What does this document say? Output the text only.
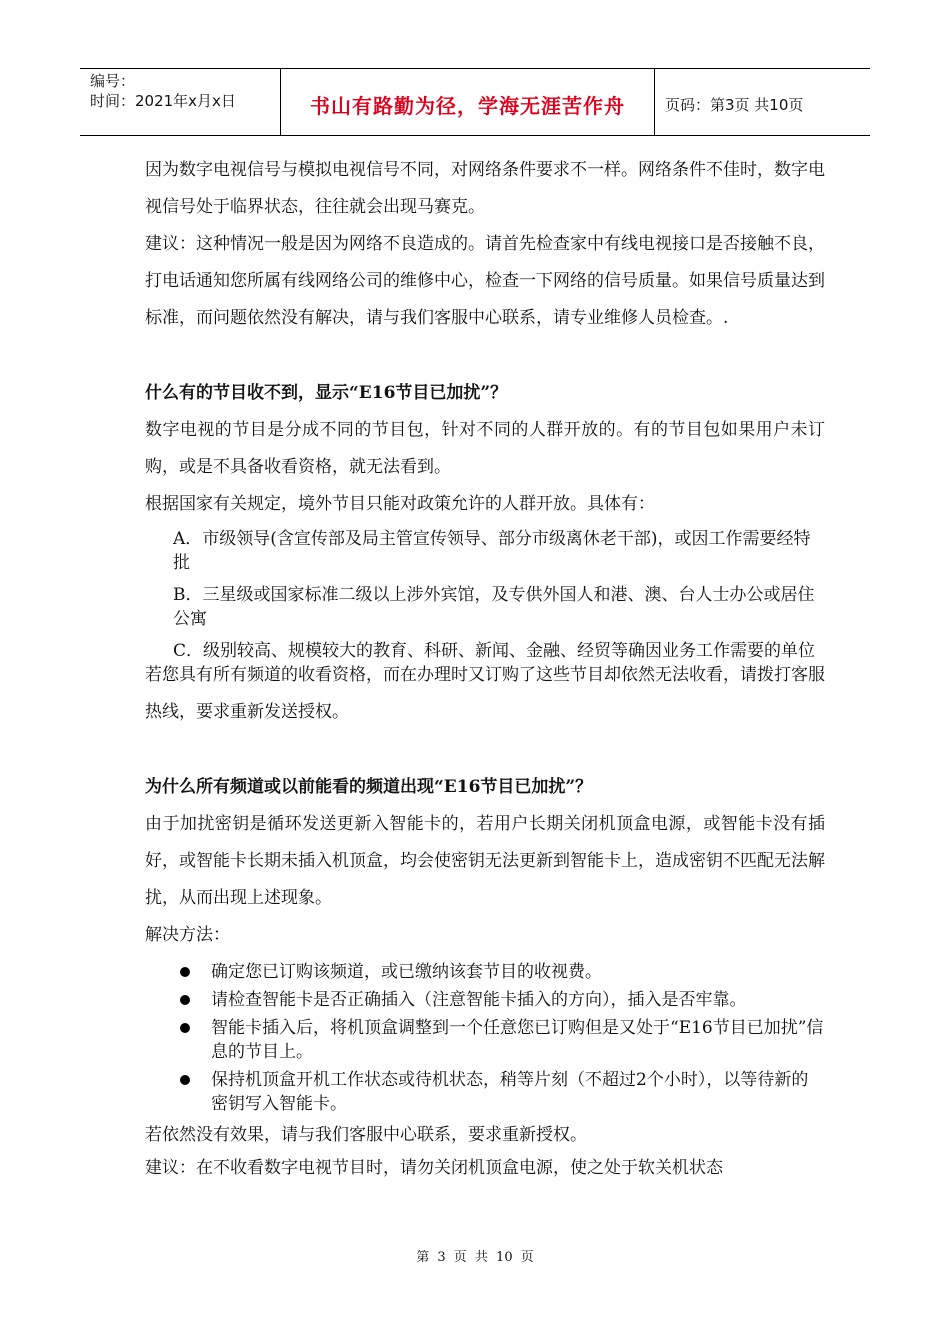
编号：
时间：2021年x月x日	书山有路勤为径，学海无涯苦作舟	页码：第3页 共10页

因为数字电视信号与模拟电视信号不同，对网络条件要求不一样。网络条件不佳时，数字电视信号处于临界状态，往往就会出现马赛克。

建议：这种情况一般是因为网络不良造成的。请首先检查家中有线电视接口是否接触不良，打电话通知您所属有线网络公司的维修中心，检查一下网络的信号质量。如果信号质量达到标准，而问题依然没有解决，请与我们客服中心联系，请专业维修人员检查。.

什么有的节目收不到，显示“E16节目已加扰”？

数字电视的节目是分成不同的节目包，针对不同的人群开放的。有的节目包如果用户未订购，或是不具备收看资格，就无法看到。

根据国家有关规定，境外节目只能对政策允许的人群开放。具体有：

A．市级领导(含宣传部及局主管宣传领导、部分市级离休老干部)，或因工作需要经特批
B．三星级或国家标准二级以上涉外宾馆，及专供外国人和港、澳、台人士办公或居住公寓
C．级别较高、规模较大的教育、科研、新闻、金融、经贸等确因业务工作需要的单位

若您具有所有频道的收看资格，而在办理时又订购了这些节目却依然无法收看，请拨打客服热线，要求重新发送授权。

为什么所有频道或以前能看的频道出现“E16节目已加扰”？

由于加扰密钥是循环发送更新入智能卡的，若用户长期关闭机顶盒电源，或智能卡没有插好，或智能卡长期未插入机顶盒，均会使密钥无法更新到智能卡上，造成密钥不匹配无法解扰，从而出现上述现象。

解决方法：

确定您已订购该频道，或已缴纳该套节目的收视费。
请检查智能卡是否正确插入（注意智能卡插入的方向），插入是否牢靠。
智能卡插入后，将机顶盒调整到一个任意您已订购但是又处于“E16节目已加扰”信息的节目上。
保持机顶盒开机工作状态或待机状态，稍等片刻（不超过2个小时），以等待新的密钥写入智能卡。

若依然没有效果，请与我们客服中心联系，要求重新授权。

建议：在不收看数字电视节目时，请勿关闭机顶盒电源，使之处于软关机状态

第 3 页 共 10 页
